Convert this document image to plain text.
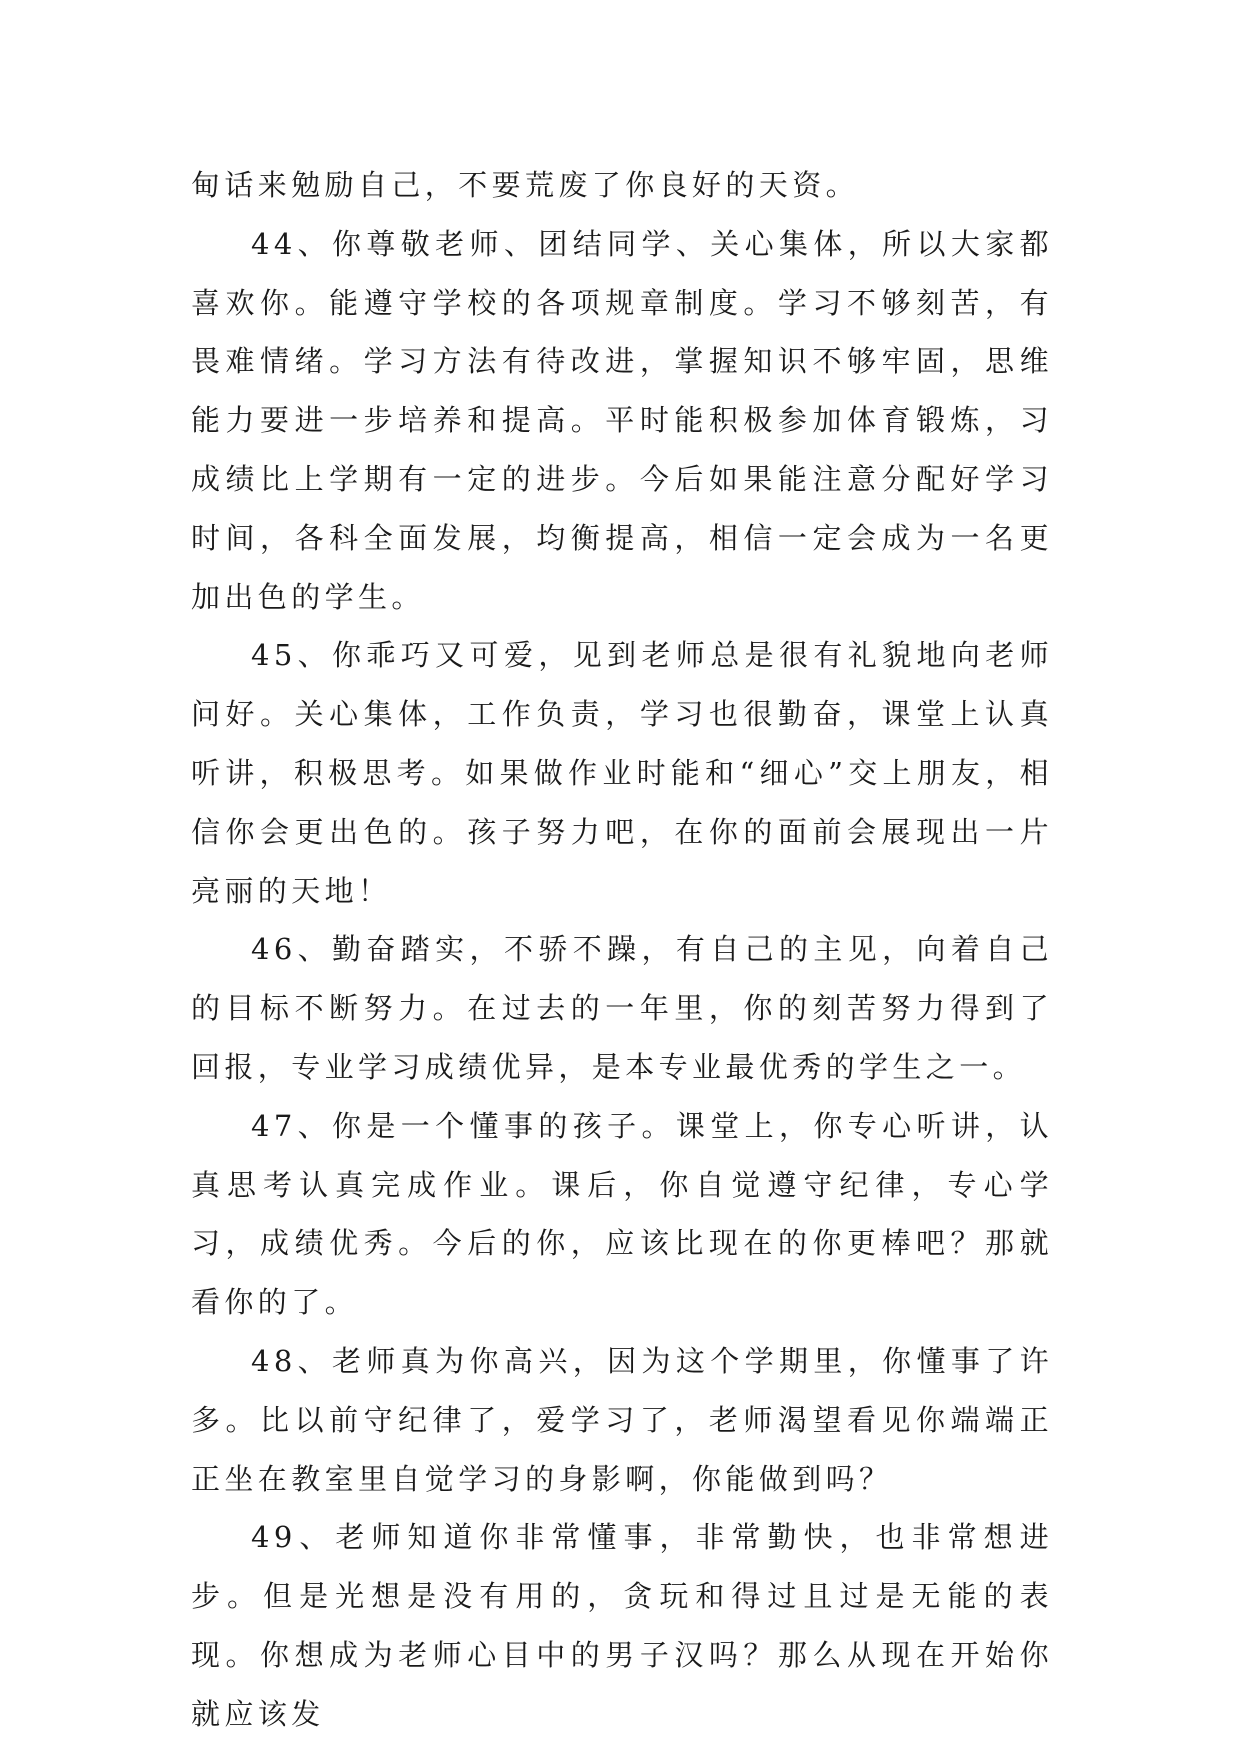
甸话来勉励自己，不要荒废了你良好的天资。

44、你尊敬老师、团结同学、关心集体，所以大家都喜欢你。能遵守学校的各项规章制度。学习不够刻苦，有畏难情绪。学习方法有待改进，掌握知识不够牢固，思维能力要进一步培养和提高。平时能积极参加体育锻炼，习成绩比上学期有一定的进步。今后如果能注意分配好学习时间，各科全面发展，均衡提高，相信一定会成为一名更加出色的学生。

45、你乖巧又可爱，见到老师总是很有礼貌地向老师问好。关心集体，工作负责，学习也很勤奋，课堂上认真听讲，积极思考。如果做作业时能和“细心”交上朋友，相信你会更出色的。孩子努力吧，在你的面前会展现出一片亮丽的天地！

46、勤奋踏实，不骄不躁，有自己的主见，向着自己的目标不断努力。在过去的一年里，你的刻苦努力得到了回报，专业学习成绩优异，是本专业最优秀的学生之一。

47、你是一个懂事的孩子。课堂上，你专心听讲，认真思考认真完成作业。课后，你自觉遵守纪律，专心学习，成绩优秀。今后的你，应该比现在的你更棒吧？那就看你的了。

48、老师真为你高兴，因为这个学期里，你懂事了许多。比以前守纪律了，爱学习了，老师渴望看见你端端正正坐在教室里自觉学习的身影啊，你能做到吗？

49、老师知道你非常懂事，非常勤快，也非常想进步。但是光想是没有用的，贪玩和得过且过是无能的表现。你想成为老师心目中的男子汉吗？那么从现在开始你就应该发
